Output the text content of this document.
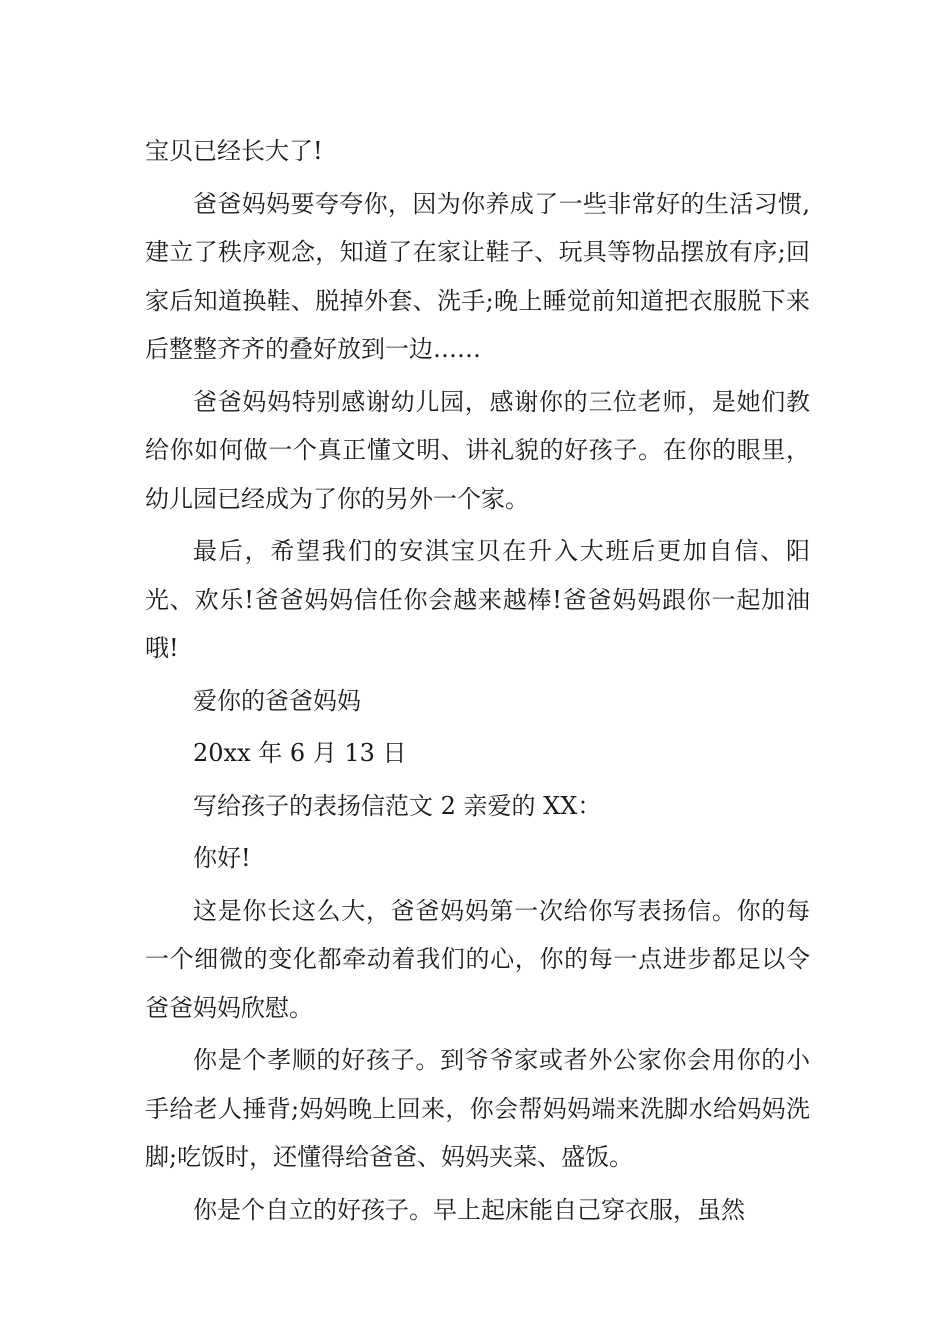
宝贝已经长大了!

爸爸妈妈要夸夸你，因为你养成了一些非常好的生活习惯,建立了秩序观念，知道了在家让鞋子、玩具等物品摆放有序;回家后知道换鞋、脱掉外套、洗手;晚上睡觉前知道把衣服脱下来后整整齐齐的叠好放到一边……

爸爸妈妈特别感谢幼儿园，感谢你的三位老师，是她们教给你如何做一个真正懂文明、讲礼貌的好孩子。在你的眼里，幼儿园已经成为了你的另外一个家。

最后，希望我们的安淇宝贝在升入大班后更加自信、阳光、欢乐!爸爸妈妈信任你会越来越棒!爸爸妈妈跟你一起加油哦!

爱你的爸爸妈妈

20xx 年 6 月 13 日

写给孩子的表扬信范文 2 亲爱的 XX：

你好!

这是你长这么大，爸爸妈妈第一次给你写表扬信。你的每一个细微的变化都牵动着我们的心，你的每一点进步都足以令爸爸妈妈欣慰。

你是个孝顺的好孩子。到爷爷家或者外公家你会用你的小手给老人捶背;妈妈晚上回来，你会帮妈妈端来洗脚水给妈妈洗脚;吃饭时，还懂得给爸爸、妈妈夹菜、盛饭。

你是个自立的好孩子。早上起床能自己穿衣服，虽然
